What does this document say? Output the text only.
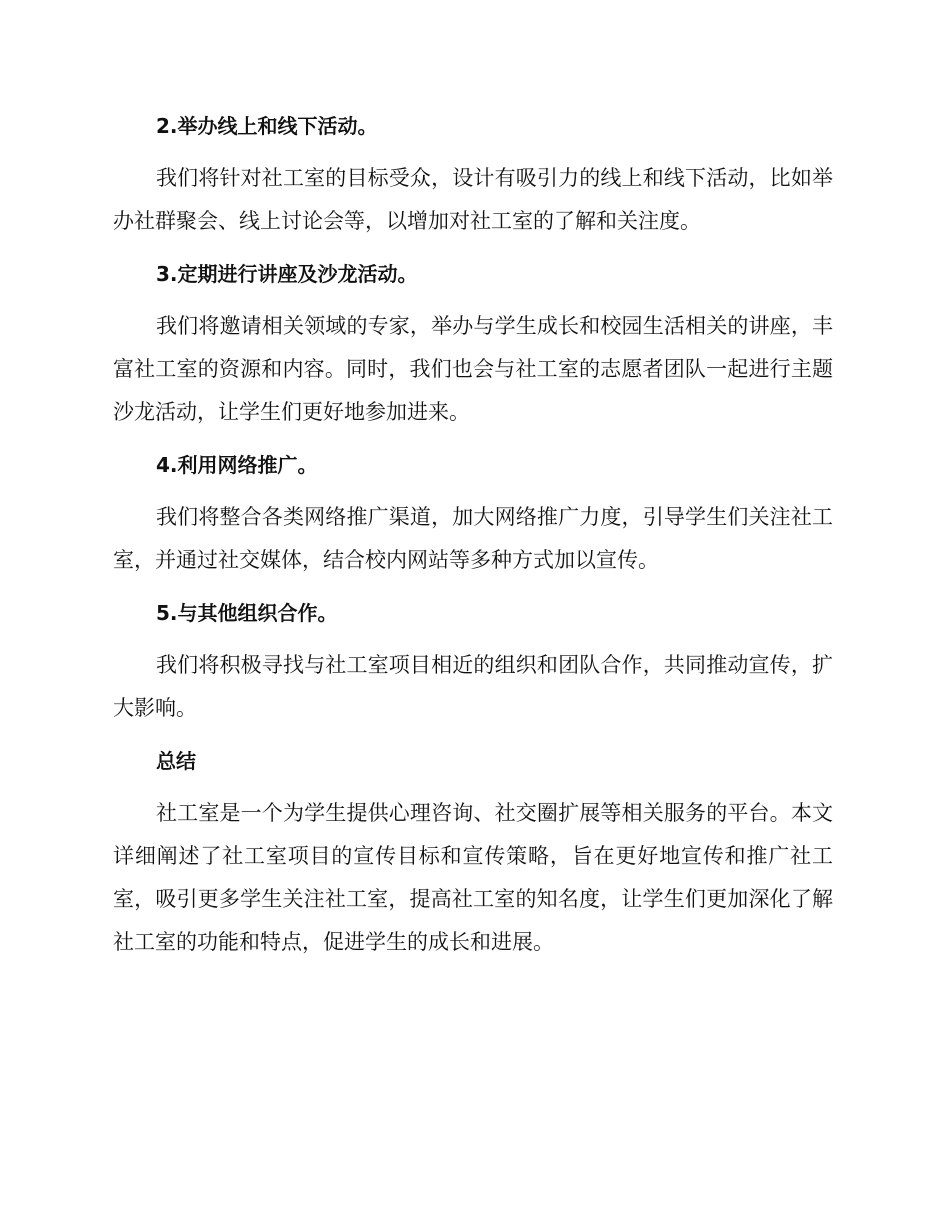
2.举办线上和线下活动。

我们将针对社工室的目标受众，设计有吸引力的线上和线下活动，比如举办社群聚会、线上讨论会等，以增加对社工室的了解和关注度。

3.定期进行讲座及沙龙活动。

我们将邀请相关领域的专家，举办与学生成长和校园生活相关的讲座，丰富社工室的资源和内容。同时，我们也会与社工室的志愿者团队一起进行主题沙龙活动，让学生们更好地参加进来。

4.利用网络推广。

我们将整合各类网络推广渠道，加大网络推广力度，引导学生们关注社工室，并通过社交媒体，结合校内网站等多种方式加以宣传。

5.与其他组织合作。

我们将积极寻找与社工室项目相近的组织和团队合作，共同推动宣传，扩大影响。

总结

社工室是一个为学生提供心理咨询、社交圈扩展等相关服务的平台。本文详细阐述了社工室项目的宣传目标和宣传策略，旨在更好地宣传和推广社工室，吸引更多学生关注社工室，提高社工室的知名度，让学生们更加深化了解社工室的功能和特点，促进学生的成长和进展。
